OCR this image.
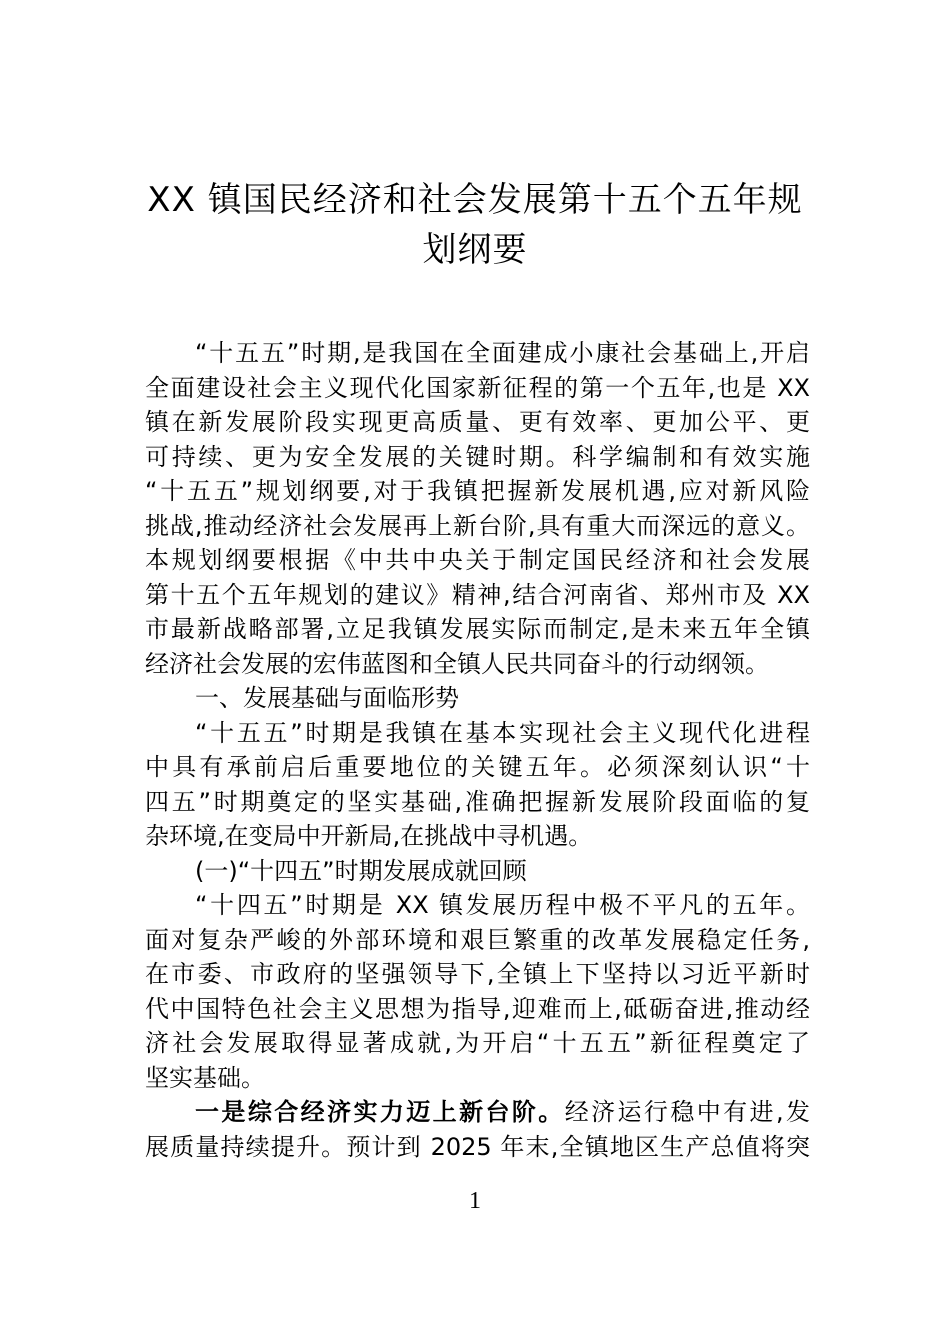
XX 镇国民经济和社会发展第十五个五年规
划纲要
“十五五”时期,是我国在全面建成小康社会基础上,开启
全面建设社会主义现代化国家新征程的第一个五年,也是 XX
镇在新发展阶段实现更高质量、更有效率、更加公平、更
可持续、更为安全发展的关键时期。科学编制和有效实施
“十五五”规划纲要,对于我镇把握新发展机遇,应对新风险
挑战,推动经济社会发展再上新台阶,具有重大而深远的意义。
本规划纲要根据《中共中央关于制定国民经济和社会发展
第十五个五年规划的建议》精神,结合河南省、郑州市及 XX
市最新战略部署,立足我镇发展实际而制定,是未来五年全镇
经济社会发展的宏伟蓝图和全镇人民共同奋斗的行动纲领。
一、发展基础与面临形势
“十五五”时期是我镇在基本实现社会主义现代化进程
中具有承前启后重要地位的关键五年。必须深刻认识“十
四五”时期奠定的坚实基础,准确把握新发展阶段面临的复
杂环境,在变局中开新局,在挑战中寻机遇。
(一)“十四五”时期发展成就回顾
“十四五”时期是 XX 镇发展历程中极不平凡的五年。
面对复杂严峻的外部环境和艰巨繁重的改革发展稳定任务,
在市委、市政府的坚强领导下,全镇上下坚持以习近平新时
代中国特色社会主义思想为指导,迎难而上,砥砺奋进,推动经
济社会发展取得显著成就,为开启“十五五”新征程奠定了
坚实基础。
一是综合经济实力迈上新台阶。经济运行稳中有进,发
展质量持续提升。预计到 2025 年末,全镇地区生产总值将突
1
